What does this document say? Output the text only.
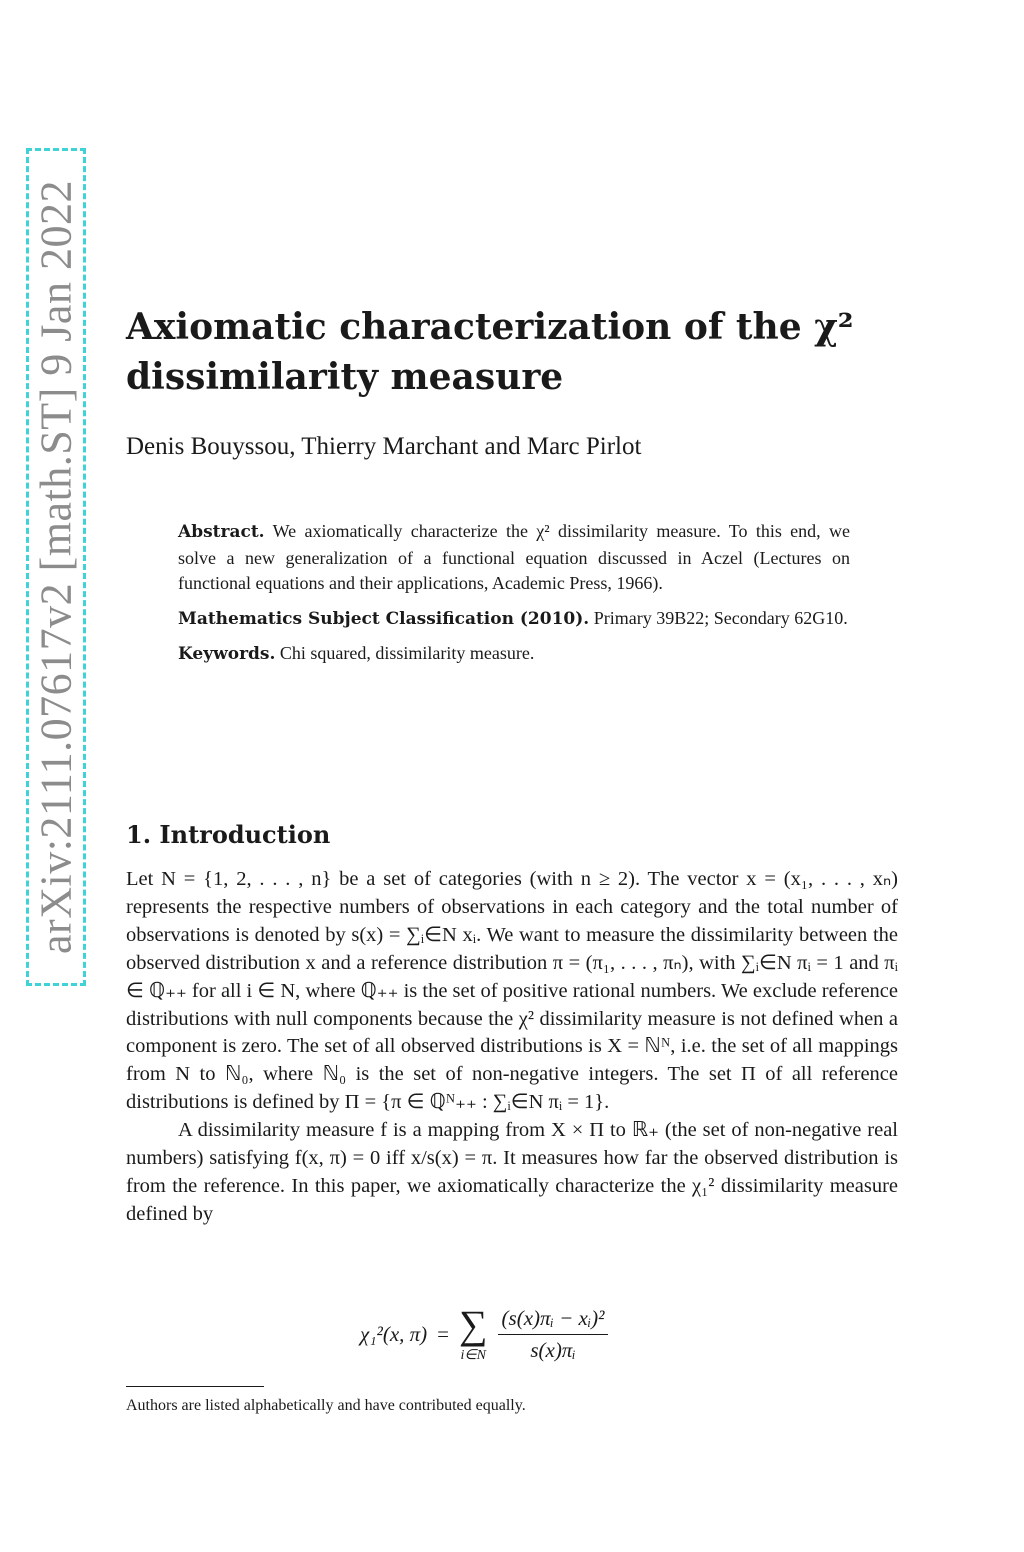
arXiv:2111.07617v2 [math.ST] 9 Jan 2022 Axiomatic characterization of the χ² dissimilarity measure

Denis Bouyssou, Thierry Marchant and Marc Pirlot

Abstract. We axiomatically characterize the χ² dissimilarity measure. To this end, we solve a new generalization of a functional equation discussed in Aczel (Lectures on functional equations and their applications, Academic Press, 1966).

Mathematics Subject Classification (2010). Primary 39B22; Secondary 62G10.

Keywords. Chi squared, dissimilarity measure.

1. Introduction

Let N = {1, 2, . . . , n} be a set of categories (with n ≥ 2). The vector x = (x₁, . . . , xₙ) represents the respective numbers of observations in each category and the total number of observations is denoted by s(x) = ∑ᵢ∈N xᵢ. We want to measure the dissimilarity between the observed distribution x and a reference distribution π = (π₁, . . . , πₙ), with ∑ᵢ∈N πᵢ = 1 and πᵢ ∈ ℚ₊₊ for all i ∈ N, where ℚ₊₊ is the set of positive rational numbers. We exclude reference distributions with null components because the χ² dissimilarity measure is not defined when a component is zero. The set of all observed distributions is X = ℕᴺ, i.e. the set of all mappings from N to ℕ₀, where ℕ₀ is the set of non-negative integers. The set Π of all reference distributions is defined by Π = {π ∈ ℚᴺ₊₊ : ∑ᵢ∈N πᵢ = 1}.

A dissimilarity measure f is a mapping from X × Π to ℝ₊ (the set of non-negative real numbers) satisfying f(x, π) = 0 iff x/s(x) = π. It measures how far the observed distribution is from the reference. In this paper, we axiomatically characterize the χ₁² dissimilarity measure defined by

χ₁²(x, π) = ∑
i∈N $\frac{\text{(s(x)πᵢ − xᵢ)²}}{\text{s(x)πᵢ}}$

Authors are listed alphabetically and have contributed equally.
